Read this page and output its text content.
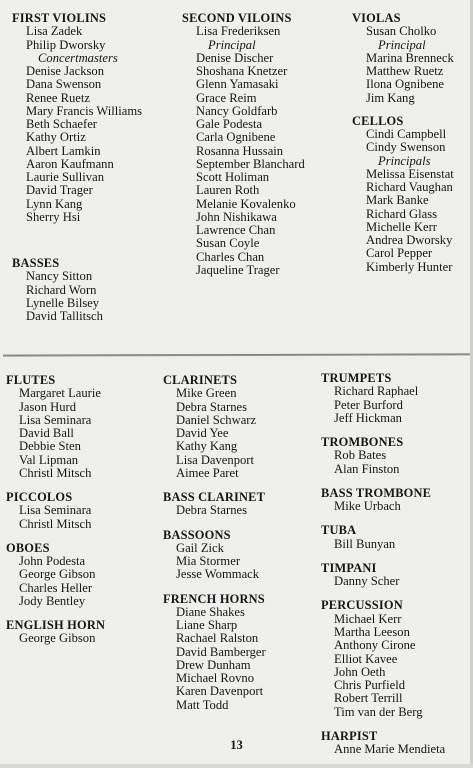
FIRST VIOLINS
Lisa Zadek
Philip Dworsky
Concertmasters
Denise Jackson
Dana Swenson
Renee Ruetz
Mary Francis Williams
Beth Schaefer
Kathy Ortiz
Albert Lamkin
Aaron Kaufmann
Laurie Sullivan
David Trager
Lynn Kang
Sherry Hsi
BASSES
Nancy Sitton
Richard Worn
Lynelle Bilsey
David Tallitsch
SECOND VILOINS
Lisa Frederiksen
Principal
Denise Discher
Shoshana Knetzer
Glenn Yamasaki
Grace Reim
Nancy Goldfarb
Gale Podesta
Carla Ognibene
Rosanna Hussain
September Blanchard
Scott Holiman
Lauren Roth
Melanie Kovalenko
John Nishikawa
Lawrence Chan
Susan Coyle
Charles Chan
Jaqueline Trager
VIOLAS
Susan Cholko
Principal
Marina Brenneck
Matthew Ruetz
Ilona Ognibene
Jim Kang
CELLOS
Cindi Campbell
Cindy Swenson
Principals
Melissa Eisenstat
Richard Vaughan
Mark Banke
Richard Glass
Michelle Kerr
Andrea Dworsky
Carol Pepper
Kimberly Hunter
FLUTES
Margaret Laurie
Jason Hurd
Lisa Seminara
David Ball
Debbie Sten
Val Lipman
Christl Mitsch
PICCOLOS
Lisa Seminara
Christl Mitsch
OBOES
John Podesta
George Gibson
Charles Heller
Jody Bentley
ENGLISH HORN
George Gibson
CLARINETS
Mike Green
Debra Starnes
Daniel Schwarz
David Yee
Kathy Kang
Lisa Davenport
Aimee Paret
BASS CLARINET
Debra Starnes
BASSOONS
Gail Zick
Mia Stormer
Jesse Wommack
FRENCH HORNS
Diane Shakes
Liane Sharp
Rachael Ralston
David Bamberger
Drew Dunham
Michael Rovno
Karen Davenport
Matt Todd
TRUMPETS
Richard Raphael
Peter Burford
Jeff Hickman
TROMBONES
Rob Bates
Alan Finston
BASS TROMBONE
Mike Urbach
TUBA
Bill Bunyan
TIMPANI
Danny Scher
PERCUSSION
Michael Kerr
Martha Leeson
Anthony Cirone
Elliot Kavee
John Oeth
Chris Purfield
Robert Terrill
Tim van der Berg
HARPIST
Anne Marie Mendieta
13
